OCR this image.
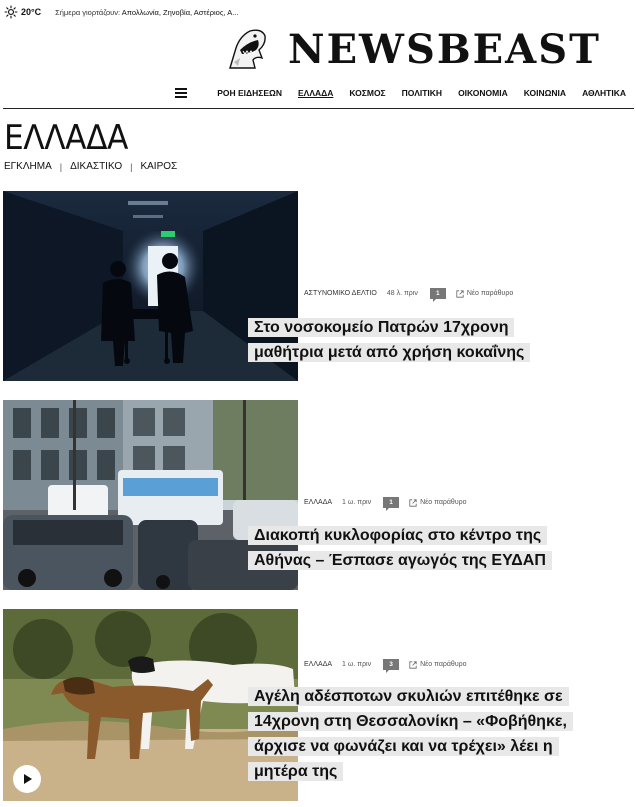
20°C Σήμερα γιορτάζουν: Απολλωνία, Ζηνοβία, Αστέριος, Α...
NEWSBEAST
ΡΟΗ ΕΙΔΗΣΕΩΝ ΕΛΛΑΔΑ ΚΟΣΜΟΣ ΠΟΛΙΤΙΚΗ ΟΙΚΟΝΟΜΙΑ ΚΟΙΝΩΝΙΑ ΑΘΛΗΤΙΚΑ
ΕΛΛΑΔΑ
ΕΓΚΛΗΜΑ | ΔΙΚΑΣΤΙΚΟ | ΚΑΙΡΟΣ
ΑΣΤΥΝΟΜΙΚΟ ΔΕΛΤΙΟ 48 λ. πριν	1	Νέο παράθυρο
Στο νοσοκομείο Πατρών 17χρονη
μαθήτρια μετά από χρήση κοκαΐνης
ΕΛΛΑΔΑ 1 ω. πριν	1	Νέο παράθυρο
Διακοπή κυκλοφορίας στο κέντρο της
Αθήνας – Έσπασε αγωγός της ΕΥΔΑΠ
ΕΛΛΑΔΑ 1 ω. πριν	3	Νέο παράθυρο
Αγέλη αδέσποτων σκυλιών επιτέθηκε σε
14χρονη στη Θεσσαλονίκη – «Φοβήθηκε,
άρχισε να φωνάζει και να τρέχει» λέει η
μητέρα της
